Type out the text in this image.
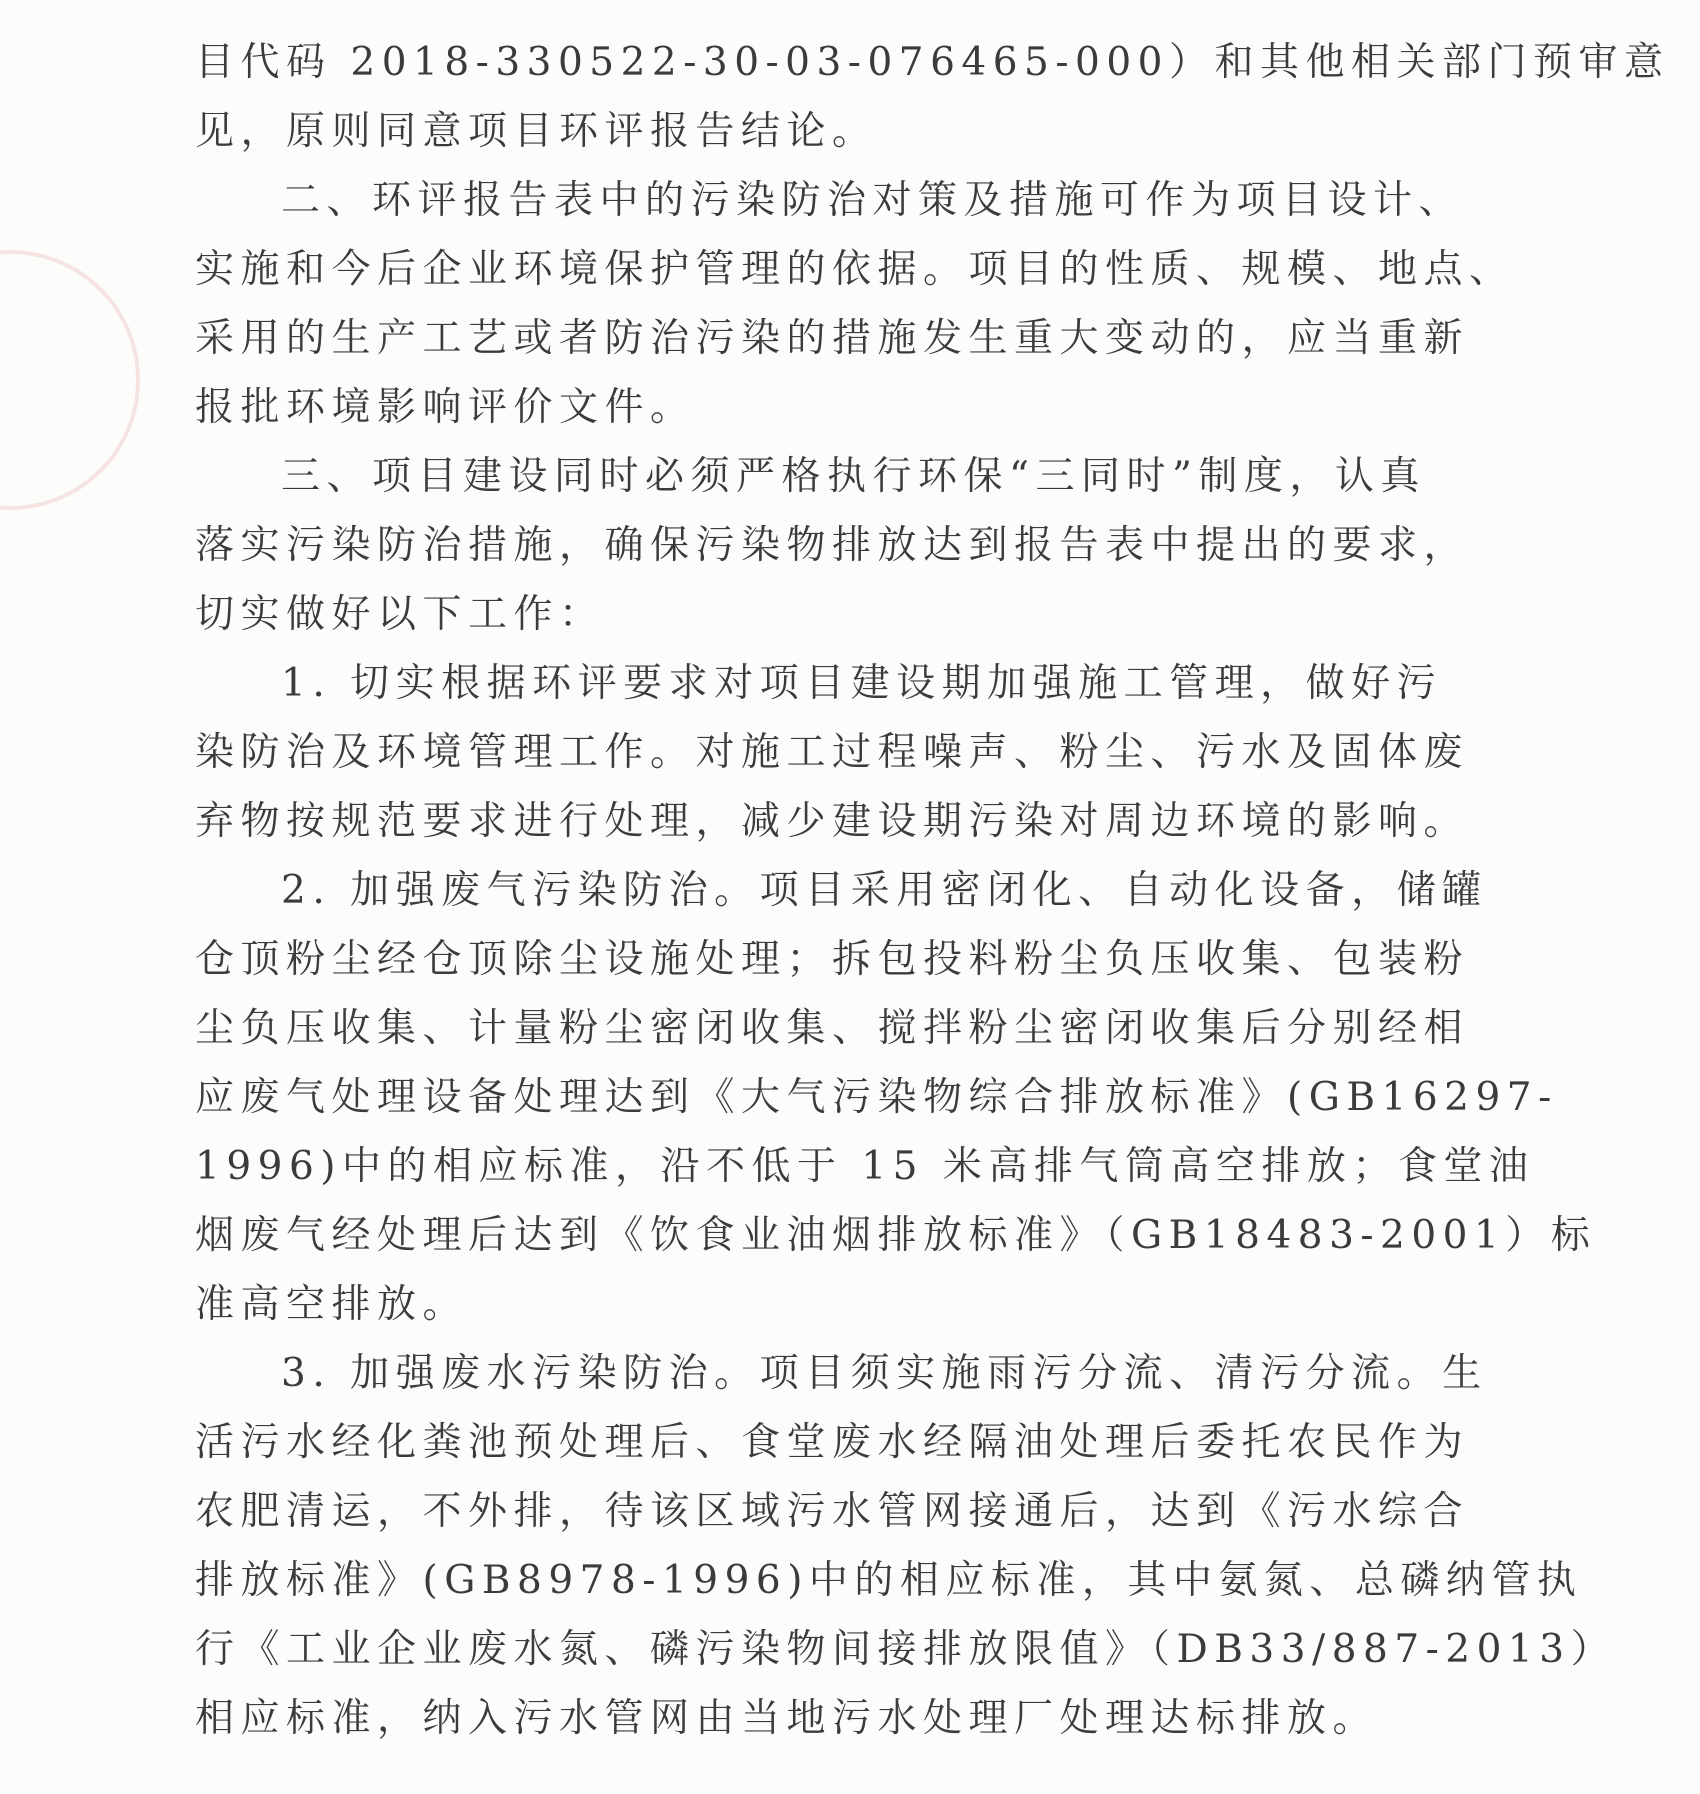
目代码 2018-330522-30-03-076465-000）和其他相关部门预审意
见，原则同意项目环评报告结论。

二、环评报告表中的污染防治对策及措施可作为项目设计、
实施和今后企业环境保护管理的依据。项目的性质、规模、地点、
采用的生产工艺或者防治污染的措施发生重大变动的，应当重新
报批环境影响评价文件。

三、项目建设同时必须严格执行环保“三同时”制度，认真
落实污染防治措施，确保污染物排放达到报告表中提出的要求，
切实做好以下工作：

1. 切实根据环评要求对项目建设期加强施工管理，做好污
染防治及环境管理工作。对施工过程噪声、粉尘、污水及固体废
弃物按规范要求进行处理，减少建设期污染对周边环境的影响。

2. 加强废气污染防治。项目采用密闭化、自动化设备，储罐
仓顶粉尘经仓顶除尘设施处理；拆包投料粉尘负压收集、包装粉
尘负压收集、计量粉尘密闭收集、搅拌粉尘密闭收集后分别经相
应废气处理设备处理达到《大气污染物综合排放标准》(GB16297-
1996)中的相应标准，沿不低于 15 米高排气筒高空排放；食堂油
烟废气经处理后达到《饮食业油烟排放标准》（GB18483-2001）标
准高空排放。

3. 加强废水污染防治。项目须实施雨污分流、清污分流。生
活污水经化粪池预处理后、食堂废水经隔油处理后委托农民作为
农肥清运，不外排，待该区域污水管网接通后，达到《污水综合
排放标准》(GB8978-1996)中的相应标准，其中氨氮、总磷纳管执
行《工业企业废水氮、磷污染物间接排放限值》（DB33/887-2013）
相应标准，纳入污水管网由当地污水处理厂处理达标排放。
